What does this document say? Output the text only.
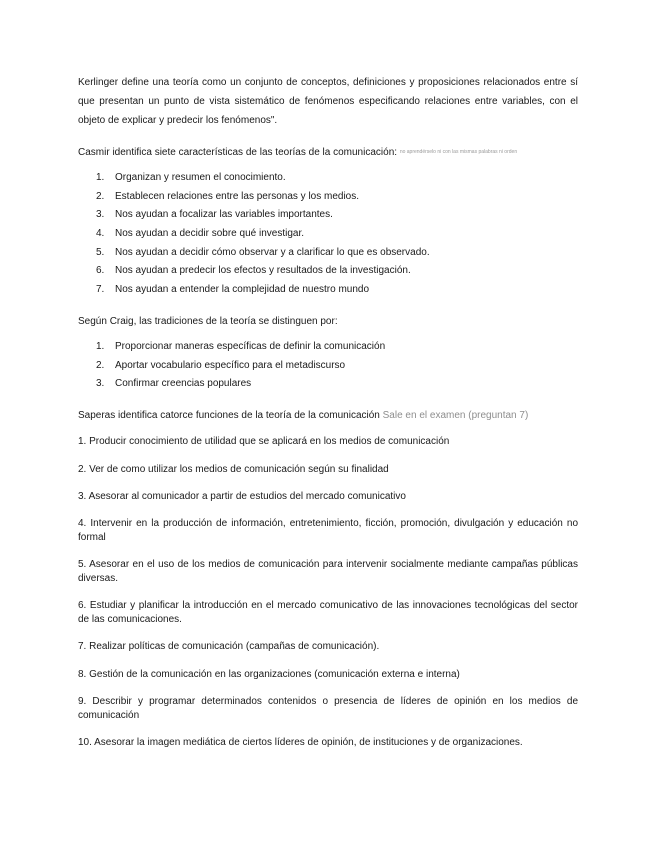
Kerlinger define una teoría como un conjunto de conceptos, definiciones y proposiciones relacionados entre sí que presentan un punto de vista sistemático de fenómenos especificando relaciones entre variables, con el objeto de explicar y predecir los fenómenos".

Casmir identifica siete características de las teorías de la comunicación: no aprendérselo ni con las mismas palabras ni orden

1. Organizan y resumen el conocimiento.
2. Establecen relaciones entre las personas y los medios.
3. Nos ayudan a focalizar las variables importantes.
4. Nos ayudan a decidir sobre qué investigar.
5. Nos ayudan a decidir cómo observar y a clarificar lo que es observado.
6. Nos ayudan a predecir los efectos y resultados de la investigación.
7. Nos ayudan a entender la complejidad de nuestro mundo

Según Craig, las tradiciones de la teoría se distinguen por:

1. Proporcionar maneras específicas de definir la comunicación
2. Aportar vocabulario específico para el metadiscurso
3. Confirmar creencias populares

Saperas identifica catorce funciones de la teoría de la comunicación Sale en el examen (preguntan 7)

1. Producir conocimiento de utilidad que se aplicará en los medios de comunicación

2. Ver de como utilizar los medios de comunicación según su finalidad

3. Asesorar al comunicador a partir de estudios del mercado comunicativo

4. Intervenir en la producción de información, entretenimiento, ficción, promoción, divulgación y educación no formal

5. Asesorar en el uso de los medios de comunicación para intervenir socialmente mediante campañas públicas diversas.

6. Estudiar y planificar la introducción en el mercado comunicativo de las innovaciones tecnológicas del sector de las comunicaciones.

7. Realizar políticas de comunicación (campañas de comunicación).

8. Gestión de la comunicación en las organizaciones (comunicación externa e interna)

9. Describir y programar determinados contenidos o presencia de líderes de opinión en los medios de comunicación

10. Asesorar la imagen mediática de ciertos líderes de opinión, de instituciones y de organizaciones.
